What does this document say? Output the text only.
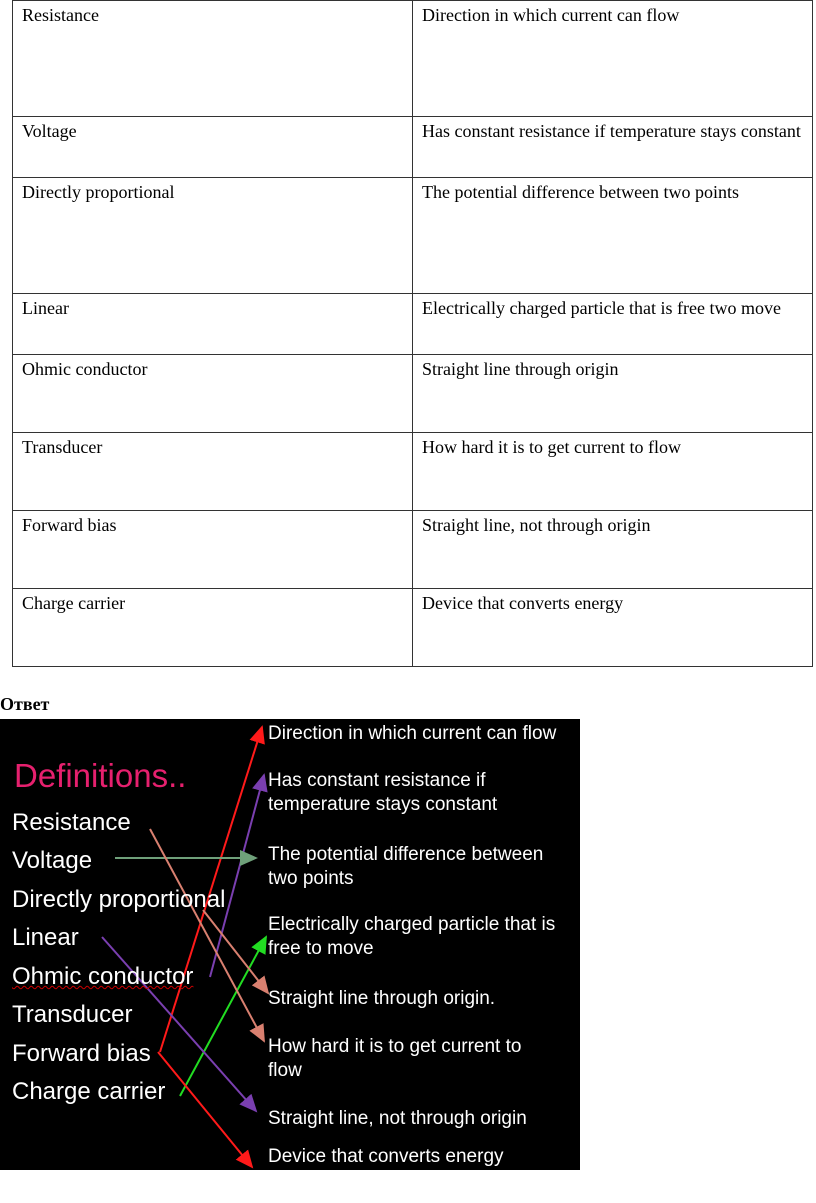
Resistance	Direction in which current can flow
Voltage	Has constant resistance if temperature stays constant
Directly proportional	The potential difference between two points
Linear	Electrically charged particle that is free two move
Ohmic conductor	Straight line through origin
Transducer	How hard it is to get current to flow
Forward bias	Straight line, not through origin
Charge carrier	Device that converts energy
Ответ
Definitions..
Resistance
Voltage
Directly proportional
Linear
Ohmic conductor
Transducer
Forward bias
Charge carrier
Direction in which current can flow
Has constant resistance if temperature stays constant
The potential difference between two points
Electrically charged particle that is free to move
Straight line through origin.
How hard it is to get current to flow
Straight line, not through origin
Device that converts energy
